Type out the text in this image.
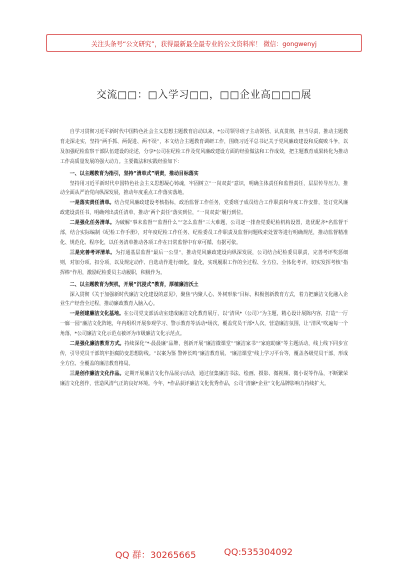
关注头条号“公文研究”，获得最新最全最专业的公文资料库！ 微信：gongwenyj
交流□□：□入学习□□，□□企业高□□□展

自学习贯彻习近平新时代中国特色社会主义思想主题教育启动以来，*公司领导班子主动领悟、认真贯彻，担当尽责，推动主题教育走深走实，坚持“两手抓、两促进、两不误”，本文结合主题教育调研工作，围绕习近平总书记关于党风廉政建设和反腐败斗争，以及加强纪检监察干部队伍建设的论述，分享*公司在纪检工作及党风廉政建设方面的经验做法和工作成效，把主题教育成果转化为推动工作高质量发展的强大动力。主要做法和实践经验如下：

一、以主题教育为指引，坚持“清单式”明责，推动目标落实

坚持用习近平新时代中国特色社会主义思想凝心铸魂，牢固树立“一岗双责”意识，明确主体责任和监督责任，层层传导压力，推动全面从严治党向纵深发展，推动年度重点工作落实落地。

一是落实责任清单。结合党风廉政建设考核指标，政治监督工作任务，党委班子成员结合工作职责和年度工作安排，签订党风廉政建设责任书，明确列出责任清单，推动“两个责任”落实到位，“一岗双责”履行到位。

二是强化任务清单。为破解“事未监督”“监督什么”“怎么监督”三大难题，公司逐一排查党委纪检机构设置，选优配齐*名监督干部，结合实际编制《纪检工作手册》，对年度纪检工作任务、纪检委员工作职责及监督问题线索处置等进行明确规范，推动监督精准化、规范化、程序化，以任务清单推动各项工作在日常监督中有章可循、有据可依。

三是完善考评清单。为打通基层监督“最后一公里”，推动党风廉政建设向纵深发展，公司结合纪检委员职责，完善考评奖惩细则，对加分项、扣分项，以及规定动作、自选动作进行细化，量化，实现履职工作的全过程、全方位、全体化考评，切实发挥考核“指挥棒”作用，激励纪检委员主动履职，积极作为。

二、以主题教育为契机，开展“沉浸式”教育，厚植廉洁沃土

深入贯彻《关于加强新时代廉洁文化建设的意见》，聚焦“内聚人心、外树形象”目标，积极创新教育方式，着力把廉洁文化融入企业生产经营全过程，推动廉政教育入脑入心。

一是创建廉洁文化基地。在公司党支部活动室建成廉洁文化教育展厅，以“清风*（公司）”为主题，精心设计展陈内容，打造“一厅一廊一园”廉洁文化阵地，年内组织开展参观学习、警示教育等活动*场次，覆盖党员干部*人次，营造廉洁氛围，让“清风”吹遍每一个角落，*公司廉洁文化示范点被评为市级廉洁文化示范点。

二是强化廉洁教育方式。持续深化“*·晨晨廉”品牌，创新开展“廉洁微课堂”“廉洁家书”“家庭助廉”等主题活动，线上线下同步宣传，引导党员干部筑牢拒腐防变思想防线。“以案为鉴 警钟长鸣”廉洁教育展、“廉洁课堂”线上学习平台等，覆盖各级党员干部，形成全方位、全覆盖的廉洁教育格局。

三是创作廉洁文化作品。定期开展廉洁文化作品展示活动，通过征集廉洁书法、绘画、摄影、微视频、微小说等作品，不断繁荣廉洁文化创作，营造风清气正的良好环境。今年，*作品获评廉洁文化优秀作品，公司“清廉*企业”文化品牌影响力持续扩大。

QQ 群：30265665	QQ:535304092
